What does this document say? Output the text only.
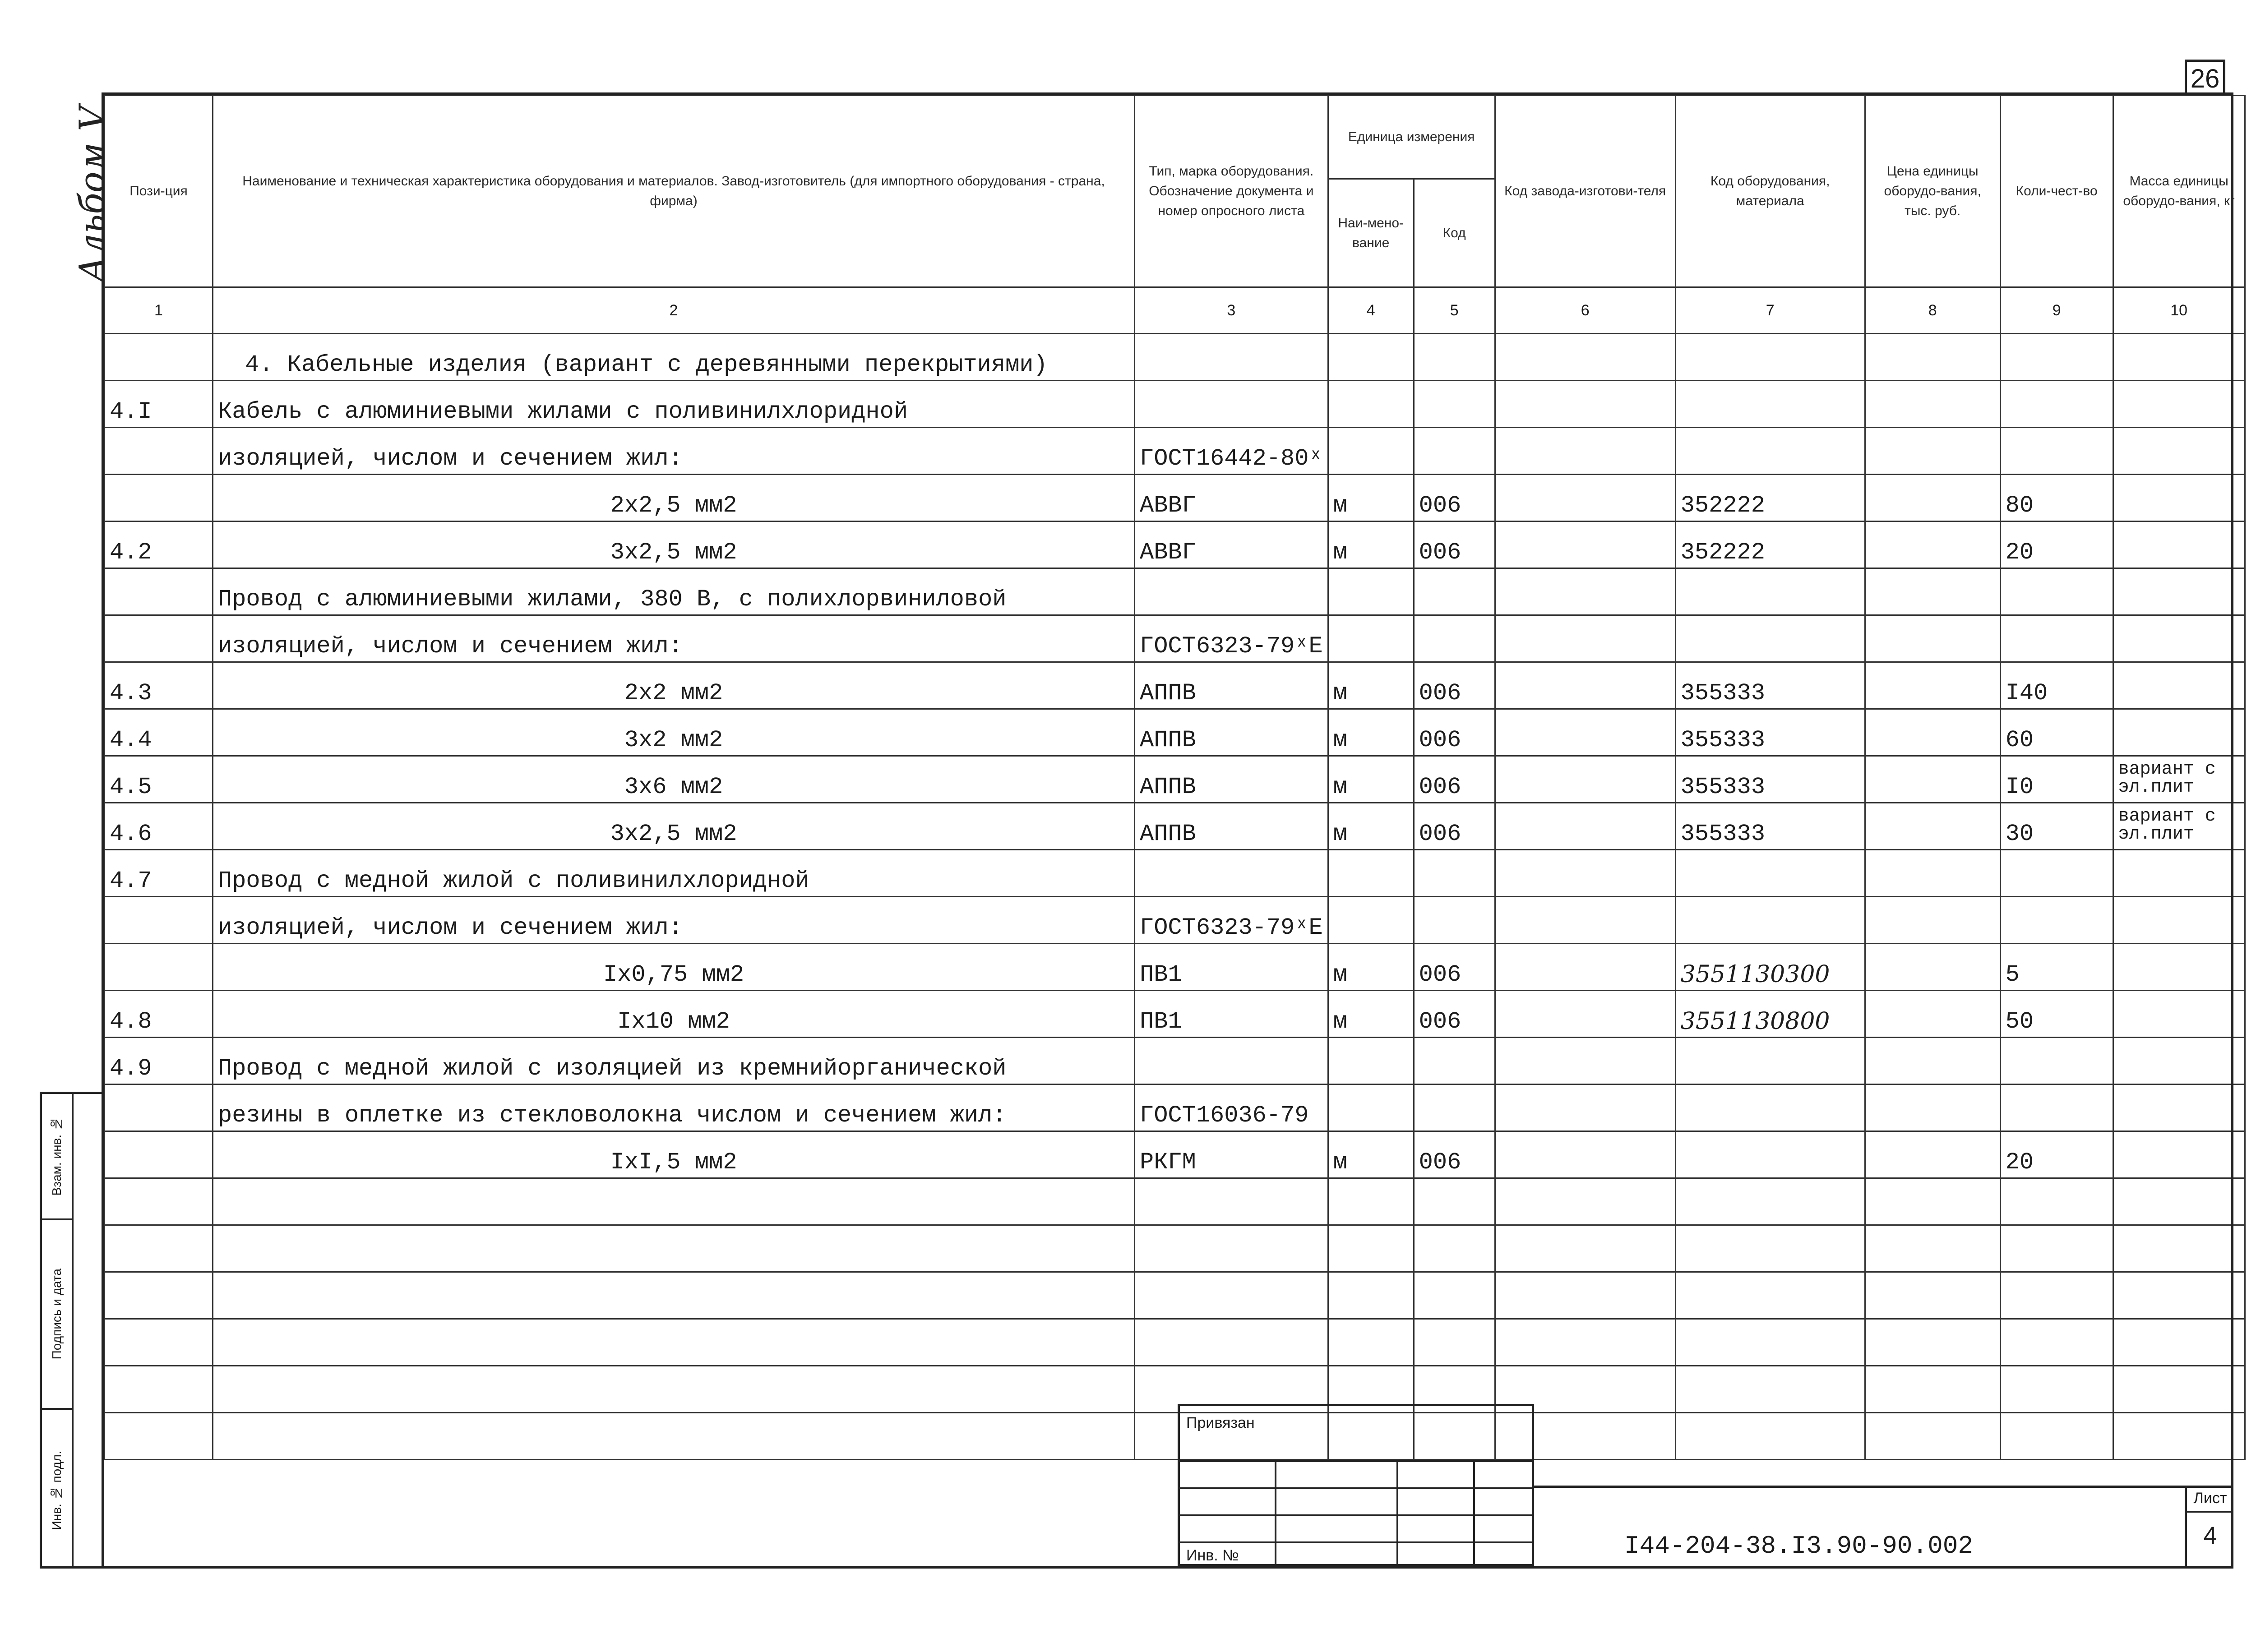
26
Альбом V
Взам. инв. №
Подпись и дата
Инв. № подл.
Пози-ция	Наименование и техническая характеристика оборудования и материалов. Завод-изготовитель (для импортного оборудования - страна, фирма)	Тип, марка оборудования. Обозначение документа и номер опросного листа	Единица измерения		Код завода-изготови-теля	Код оборудования, материала	Цена единицы оборудо-вания, тыс. руб.	Коли-чест-во	Масса единицы оборудо-вания, кг
			Наи-мено-вание	Код					
1	2	3	4	5	6	7	8	9	10
	4. Кабельные изделия (вариант с деревянными перекрытиями)								
4.I	Кабель с алюминиевыми жилами с поливинилхлоридной								
	изоляцией, числом и сечением жил:	ГОСТ16442-80ˣ							
	2х2,5 мм2	АВВГ	м	006		352222		80	
4.2	3х2,5 мм2	АВВГ	м	006		352222		20	
	Провод с алюминиевыми жилами, 380 В, с полихлорвиниловой								
	изоляцией, числом и сечением жил:	ГОСТ6323-79ˣЕ							
4.3	2х2 мм2	АППВ	м	006		355333		I40	
4.4	3х2 мм2	АППВ	м	006		355333		60	
4.5	3х6 мм2	АППВ	м	006		355333		I0	вариант с эл.плит
4.6	3х2,5 мм2	АППВ	м	006		355333		30	вариант с эл.плит
4.7	Провод с медной жилой с поливинилхлоридной								
	изоляцией, числом и сечением жил:	ГОСТ6323-79ˣЕ							
	Iх0,75 мм2	ПВ1	м	006		3551130300		5	
4.8	Iх10 мм2	ПВ1	м	006		3551130800		50	
4.9	Провод с медной жилой с изоляцией из кремнийорганической								
	резины в оплетке из стекловолокна числом и сечением жил:	ГОСТ16036-79							
	IхI,5 мм2	РКГМ	м	006				20	

Привязан
Инв. №	I44-204-38.I3.90-90.002
Лист
4
